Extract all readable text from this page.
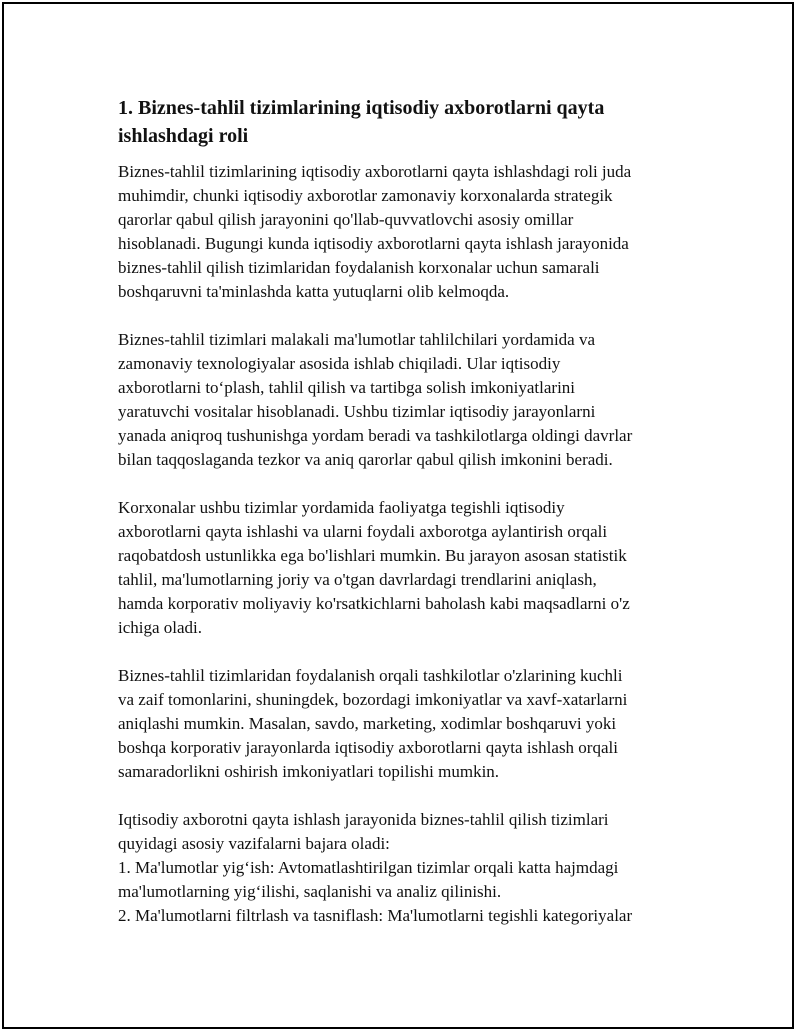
1. Biznes-tahlil tizimlarining iqtisodiy axborotlarni qayta ishlashdagi roli

Biznes-tahlil tizimlarining iqtisodiy axborotlarni qayta ishlashdagi roli juda
muhimdir, chunki iqtisodiy axborotlar zamonaviy korxonalarda strategik
qarorlar qabul qilish jarayonini qo'llab-quvvatlovchi asosiy omillar
hisoblanadi. Bugungi kunda iqtisodiy axborotlarni qayta ishlash jarayonida
biznes-tahlil qilish tizimlaridan foydalanish korxonalar uchun samarali
boshqaruvni ta'minlashda katta yutuqlarni olib kelmoqda.

Biznes-tahlil tizimlari malakali ma'lumotlar tahlilchilari yordamida va
zamonaviy texnologiyalar asosida ishlab chiqiladi. Ular iqtisodiy
axborotlarni to‘plash, tahlil qilish va tartibga solish imkoniyatlarini
yaratuvchi vositalar hisoblanadi. Ushbu tizimlar iqtisodiy jarayonlarni
yanada aniqroq tushunishga yordam beradi va tashkilotlarga oldingi davrlar
bilan taqqoslaganda tezkor va aniq qarorlar qabul qilish imkonini beradi.

Korxonalar ushbu tizimlar yordamida faoliyatga tegishli iqtisodiy
axborotlarni qayta ishlashi va ularni foydali axborotga aylantirish orqali
raqobatdosh ustunlikka ega bo'lishlari mumkin. Bu jarayon asosan statistik
tahlil, ma'lumotlarning joriy va o'tgan davrlardagi trendlarini aniqlash,
hamda korporativ moliyaviy ko'rsatkichlarni baholash kabi maqsadlarni o'z
ichiga oladi.

Biznes-tahlil tizimlaridan foydalanish orqali tashkilotlar o'zlarining kuchli
va zaif tomonlarini, shuningdek, bozordagi imkoniyatlar va xavf-xatarlarni
aniqlashi mumkin. Masalan, savdo, marketing, xodimlar boshqaruvi yoki
boshqa korporativ jarayonlarda iqtisodiy axborotlarni qayta ishlash orqali
samaradorlikni oshirish imkoniyatlari topilishi mumkin.

Iqtisodiy axborotni qayta ishlash jarayonida biznes-tahlil qilish tizimlari
quyidagi asosiy vazifalarni bajara oladi:
1. Ma'lumotlar yig‘ish: Avtomatlashtirilgan tizimlar orqali katta hajmdagi
ma'lumotlarning yig‘ilishi, saqlanishi va analiz qilinishi.
2. Ma'lumotlarni filtrlash va tasniflash: Ma'lumotlarni tegishli kategoriyalar
